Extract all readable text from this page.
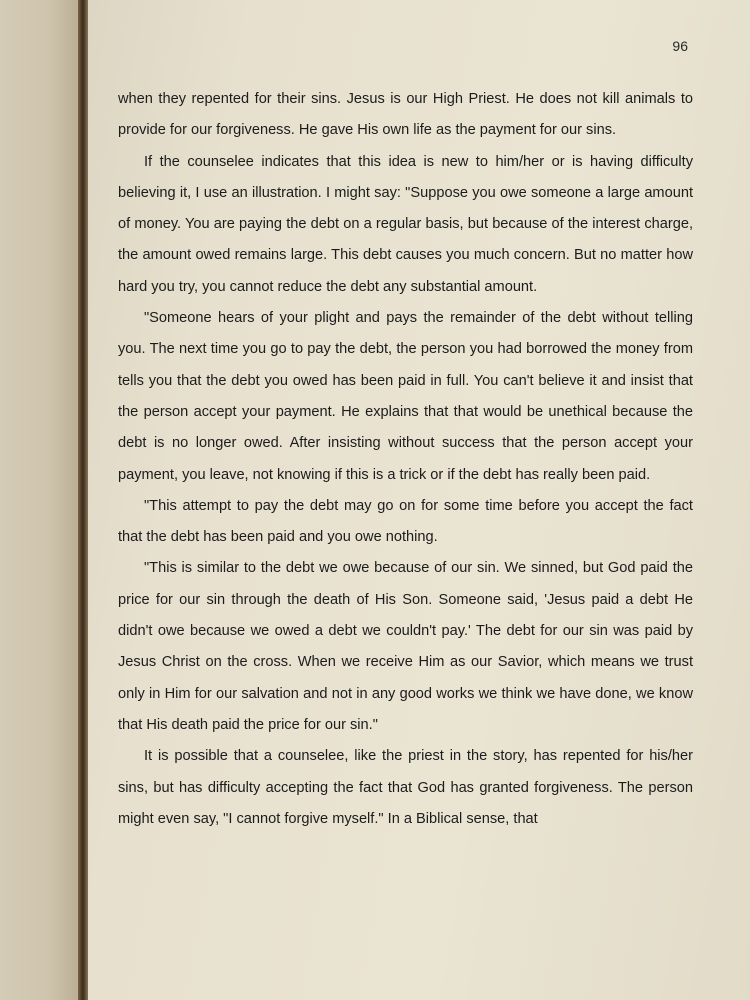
96

when they repented for their sins. Jesus is our High Priest. He does not kill animals to provide for our forgiveness. He gave His own life as the payment for our sins.

If the counselee indicates that this idea is new to him/her or is having difficulty believing it, I use an illustration. I might say: "Suppose you owe someone a large amount of money. You are paying the debt on a regular basis, but because of the interest charge, the amount owed remains large. This debt causes you much concern. But no matter how hard you try, you cannot reduce the debt any substantial amount.

"Someone hears of your plight and pays the remainder of the debt without telling you. The next time you go to pay the debt, the person you had borrowed the money from tells you that the debt you owed has been paid in full. You can't believe it and insist that the person accept your payment. He explains that that would be unethical because the debt is no longer owed. After insisting without success that the person accept your payment, you leave, not knowing if this is a trick or if the debt has really been paid.

"This attempt to pay the debt may go on for some time before you accept the fact that the debt has been paid and you owe nothing.

"This is similar to the debt we owe because of our sin. We sinned, but God paid the price for our sin through the death of His Son. Someone said, 'Jesus paid a debt He didn't owe because we owed a debt we couldn't pay.' The debt for our sin was paid by Jesus Christ on the cross. When we receive Him as our Savior, which means we trust only in Him for our salvation and not in any good works we think we have done, we know that His death paid the price for our sin."

It is possible that a counselee, like the priest in the story, has repented for his/her sins, but has difficulty accepting the fact that God has granted forgiveness. The person might even say, "I cannot forgive myself." In a Biblical sense, that
